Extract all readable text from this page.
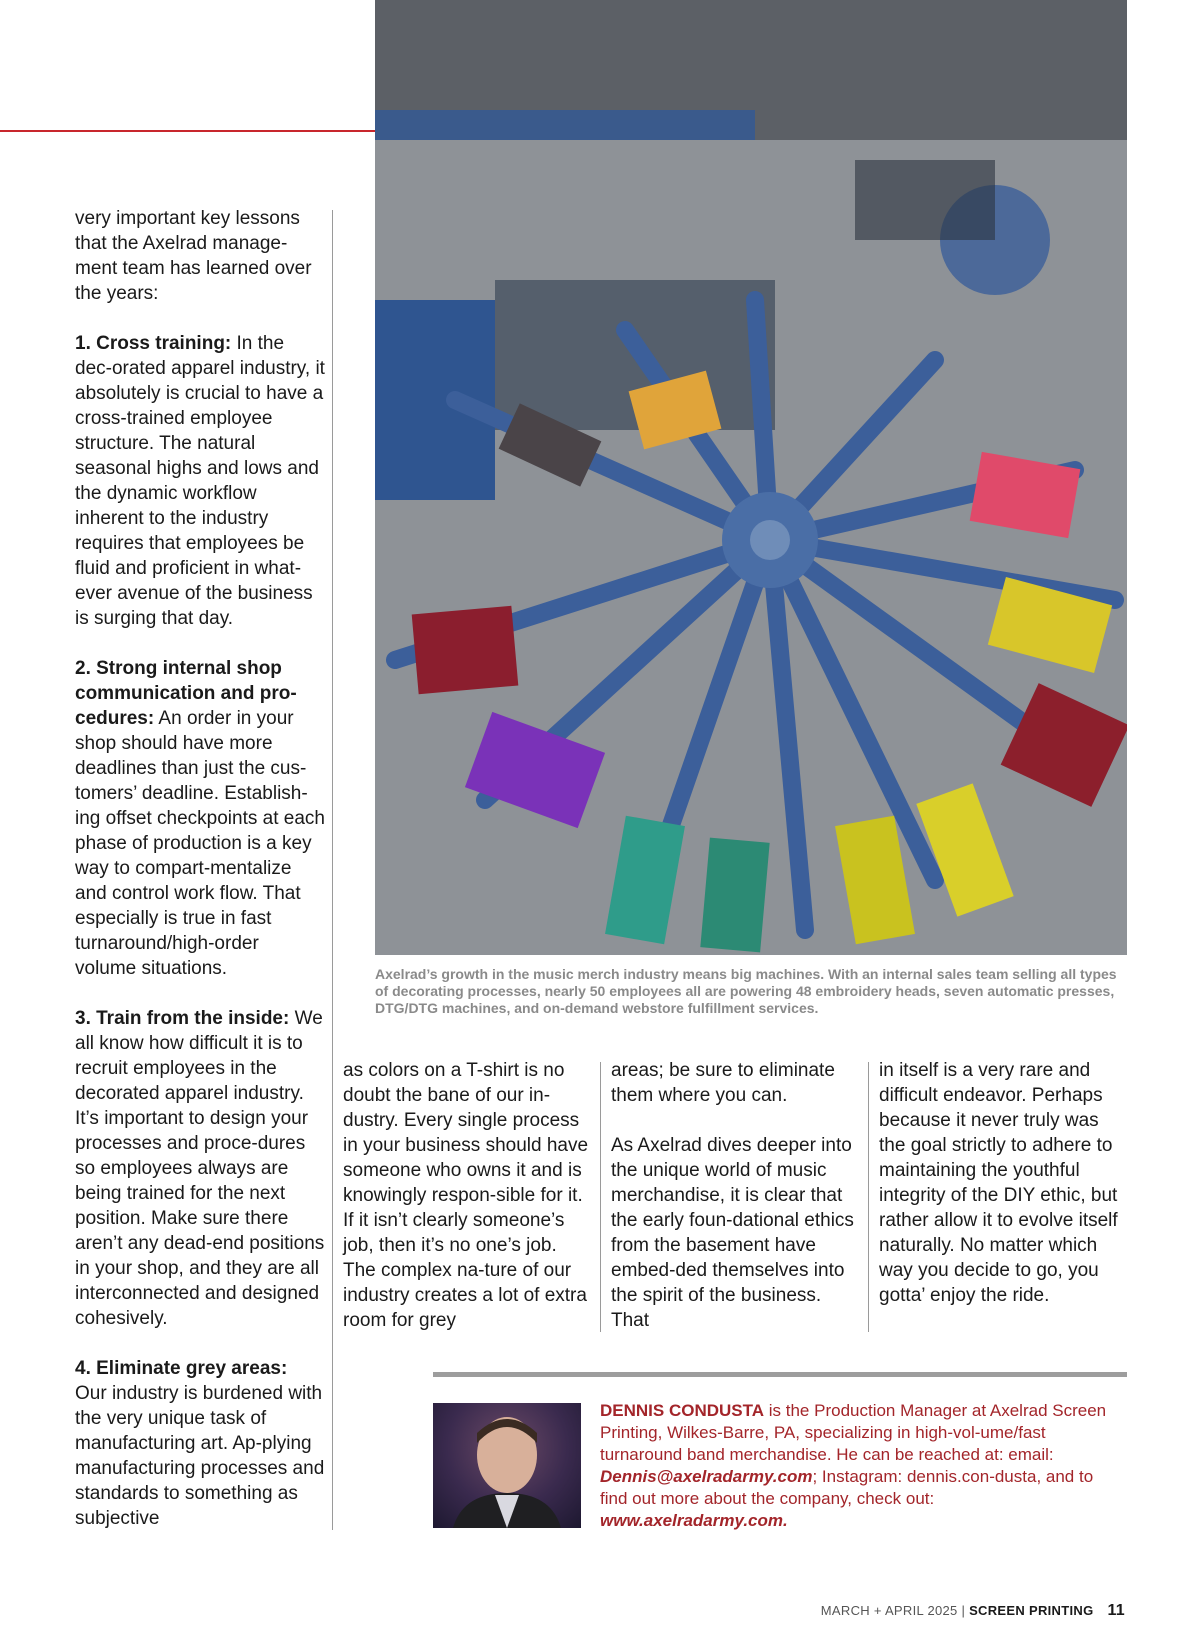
Axelrad’s growth in the music merch industry means big machines. With an internal sales team selling all types of decorating processes, nearly 50 employees all are powering 48 embroidery heads, seven automatic presses, DTG/DTG machines, and on-demand webstore fulfillment services.

very important key lessons that the Axelrad manage-ment team has learned over the years:

1. Cross training: In the dec-orated apparel industry, it absolutely is crucial to have a cross-trained employee structure. The natural seasonal highs and lows and the dynamic workflow inherent to the industry requires that employees be fluid and proficient in what-ever avenue of the business is surging that day.

2. Strong internal shop communication and pro-cedures: An order in your shop should have more deadlines than just the cus-tomers’ deadline. Establish-ing offset checkpoints at each phase of production is a key way to compart-mentalize and control work flow. That especially is true in fast turnaround/high-order volume situations.

3. Train from the inside: We all know how difficult it is to recruit employees in the decorated apparel industry. It’s important to design your processes and proce-dures so employees always are being trained for the next position. Make sure there aren’t any dead-end positions in your shop, and they are all interconnected and designed cohesively.

4. Eliminate grey areas:
Our industry is burdened with the very unique task of manufacturing art. Ap-plying manufacturing processes and standards to something as subjective

as colors on a T-shirt is no doubt the bane of our in-dustry. Every single process in your business should have someone who owns it and is knowingly respon-sible for it. If it isn’t clearly someone’s job, then it’s no one’s job. The complex na-ture of our industry creates a lot of extra room for grey

areas; be sure to eliminate them where you can.

As Axelrad dives deeper into the unique world of music merchandise, it is clear that the early foun-dational ethics from the basement have embed-ded themselves into the spirit of the business. That

in itself is a very rare and difficult endeavor. Perhaps because it never truly was the goal strictly to adhere to maintaining the youthful integrity of the DIY ethic, but rather allow it to evolve itself naturally. No matter which way you decide to go, you gotta’ enjoy the ride.

DENNIS CONDUSTA is the Production Manager at Axelrad Screen Printing, Wilkes-Barre, PA, specializing in high-vol-ume/fast turnaround band merchandise. He can be reached at: email: Dennis@axelradarmy.com; Instagram: dennis.con-dusta, and to find out more about the company, check out: www.axelradarmy.com.
MARCH + APRIL 2025 | SCREEN PRINTING 11
